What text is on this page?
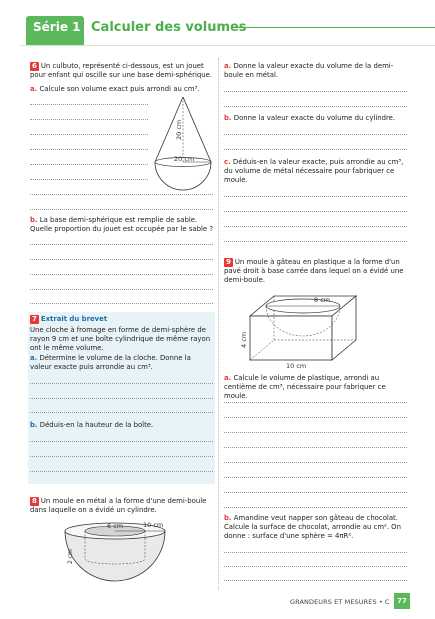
Série 1 Calculer des volumes
6 Un culbuto, représenté ci-dessous, est un jouet pour enfant qui oscille sur une base demi-sphérique.
a. Calcule son volume exact puis arrondi au cm³.
20 cm
20 cm
b. La base demi-sphérique est remplie de sable. Quelle proportion du jouet est occupée par le sable ?
7 Extrait du brevet
Une cloche à fromage en forme de demi-sphère de rayon 9 cm et une boîte cylindrique de même rayon ont le même volume.
a. Détermine le volume de la cloche. Donne la valeur exacte puis arrondie au cm³.
b. Déduis-en la hauteur de la boîte.
8 Un moule en métal a la forme d'une demi-boule dans laquelle on a évidé un cylindre.
6 cm	10 cm
2 cm
a. Donne la valeur exacte du volume de la demi-boule en métal.
b. Donne la valeur exacte du volume du cylindre.
c. Déduis-en la valeur exacte, puis arrondie au cm³, du volume de métal nécessaire pour fabriquer ce moule.
9 Un moule à gâteau en plastique a la forme d'un pavé droit à base carrée dans lequel on a évidé une demi-boule.
8 cm
4 cm
10 cm
a. Calcule le volume de plastique, arrondi au centième de cm³, nécessaire pour fabriquer ce moule.
b. Amandine veut napper son gâteau de chocolat. Calcule la surface de chocolat, arrondie au cm². On donne : surface d'une sphère = 4πR².
GRANDEURS ET MESURES • C	77
